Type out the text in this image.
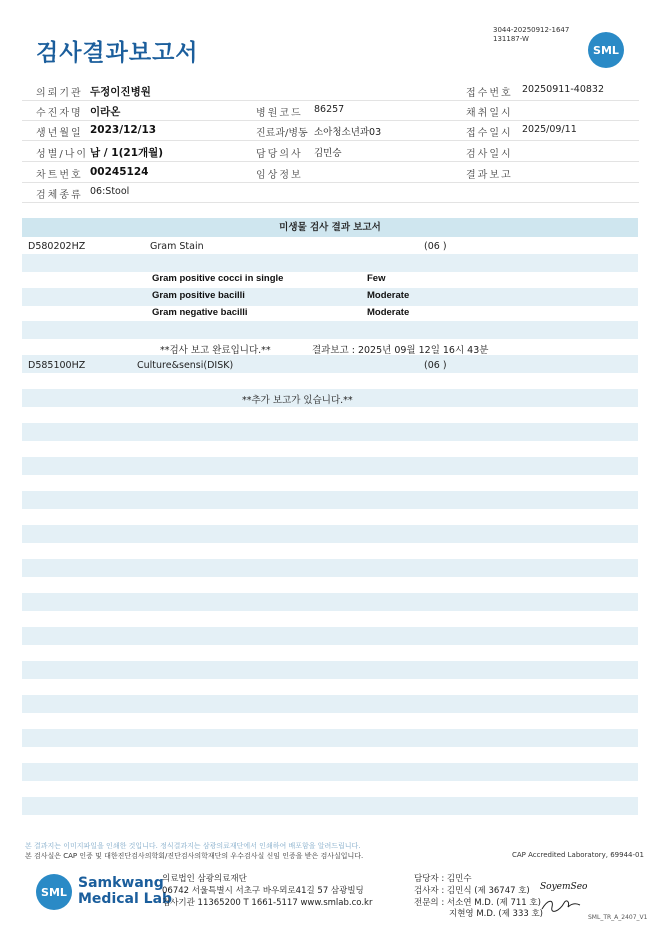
검사결과보고서
3044-20250912-1647
131187-W
SML
의뢰기관 두정이진병원	접수번호 20250911-40832
수진자명 이라온	병원코드 86257	채취일시
생년월일 2023/12/13	진료과/병동 소아청소년과03	접수일시 2025/09/11
성별/나이 남 / 1(21개월)	담당의사 김민승	검사일시
차트번호 00245124	임상정보	결과보고
검체종류 06:Stool
미생물 검사 결과 보고서
D580202HZ	Gram Stain	(06 )
Gram positive cocci in single	Few
Gram positive bacilli	Moderate
Gram negative bacilli	Moderate
**검사 보고 완료입니다.**	결과보고 : 2025년 09월 12일 16시 43분
D585100HZ	Culture&sensi(DISK)	(06 )
**추가 보고가 있습니다.**
본 결과지는 이미지파일을 인쇄한 것입니다. 정식결과지는 삼광의료재단에서 인쇄하여 배포함을 알려드립니다.
본 검사실은 CAP 인증 및 대한진단검사의학회/진단검사의학재단의 우수검사실 신임 인증을 받은 검사실입니다.	CAP Accredited Laboratory, 69944-01
SML
Samkwang
Medical Lab
의료법인 삼광의료재단
06742 서울특별시 서초구 바우뫼로41길 57 삼광빌딩
검사기관 11365200 T 1661-5117 www.smlab.co.kr
담당자 : 김민수
검사자 : 김민식 (제 36747 호) SoyemSeo
전문의 : 서소연 M.D. (제 711 호)
지현영 M.D. (제 333 호)	SML_TR_A_2407_V1
